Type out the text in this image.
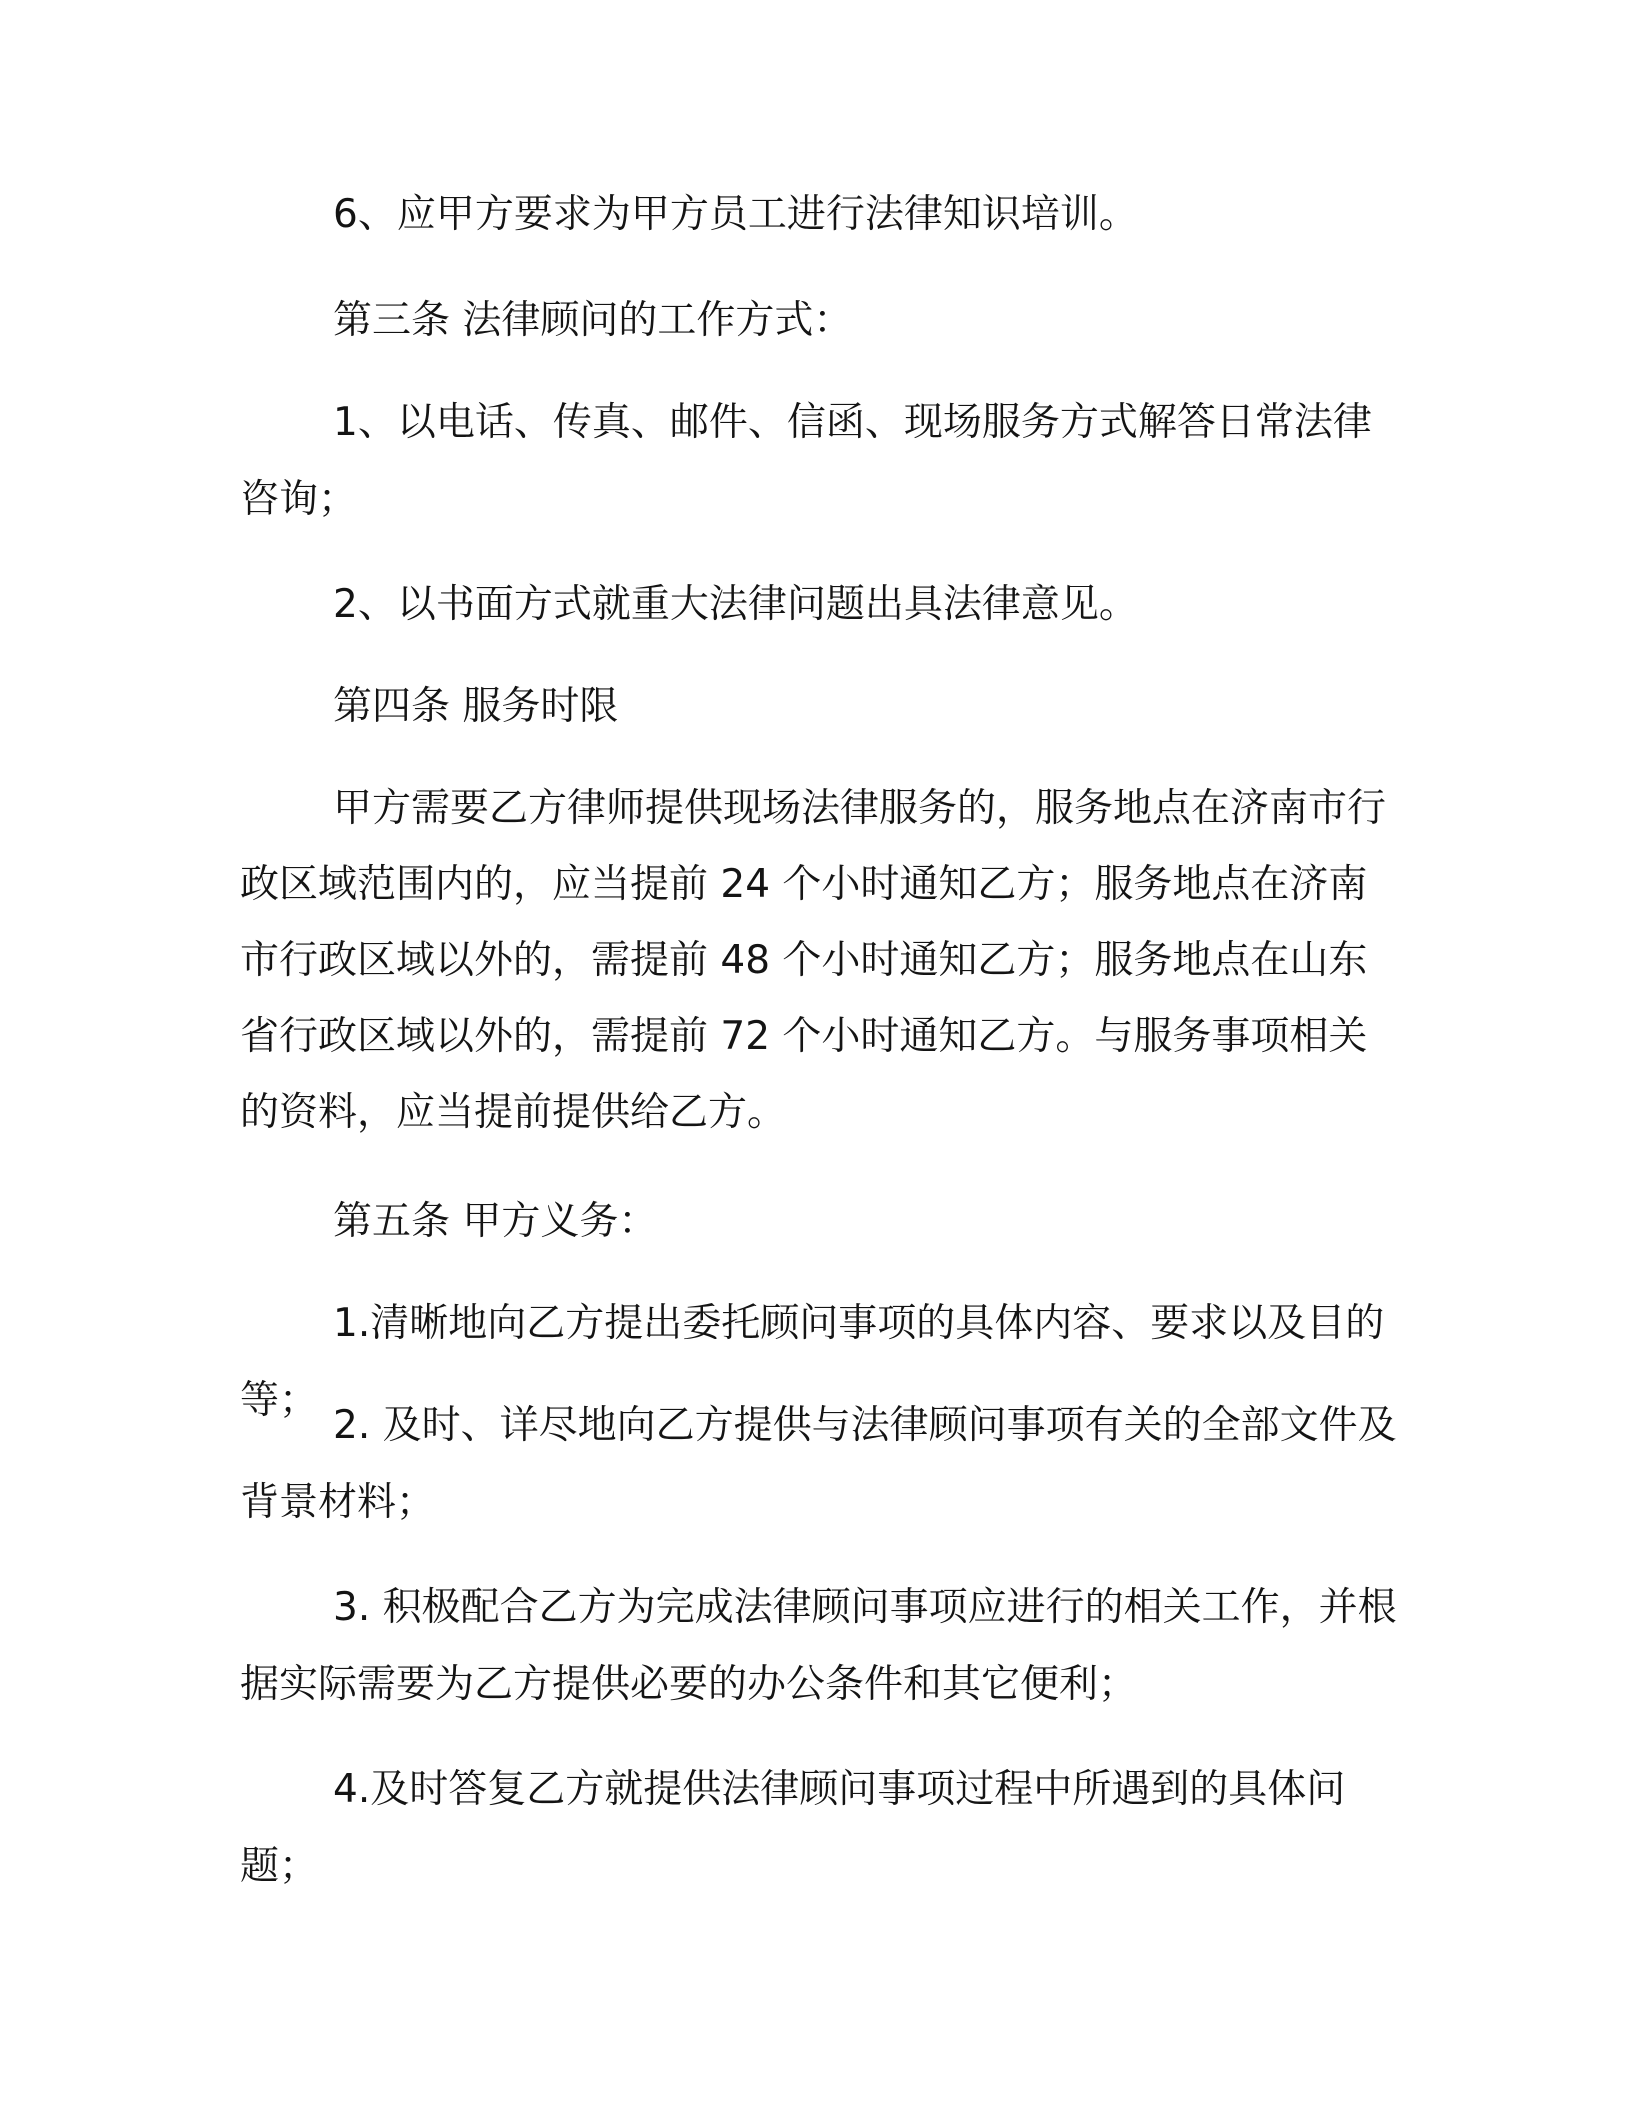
6、应甲方要求为甲方员工进行法律知识培训。

第三条 法律顾问的工作方式：

1、以电话、传真、邮件、信函、现场服务方式解答日常法律咨询；

2、以书面方式就重大法律问题出具法律意见。

第四条 服务时限

甲方需要乙方律师提供现场法律服务的，服务地点在济南市行政区域范围内的，应当提前 24 个小时通知乙方；服务地点在济南市行政区域以外的，需提前 48 个小时通知乙方；服务地点在山东省行政区域以外的，需提前 72 个小时通知乙方。与服务事项相关的资料，应当提前提供给乙方。

第五条 甲方义务：

1.清晰地向乙方提出委托顾问事项的具体内容、要求以及目的等；

2. 及时、详尽地向乙方提供与法律顾问事项有关的全部文件及背景材料；

3. 积极配合乙方为完成法律顾问事项应进行的相关工作，并根据实际需要为乙方提供必要的办公条件和其它便利；

4.及时答复乙方就提供法律顾问事项过程中所遇到的具体问题；
